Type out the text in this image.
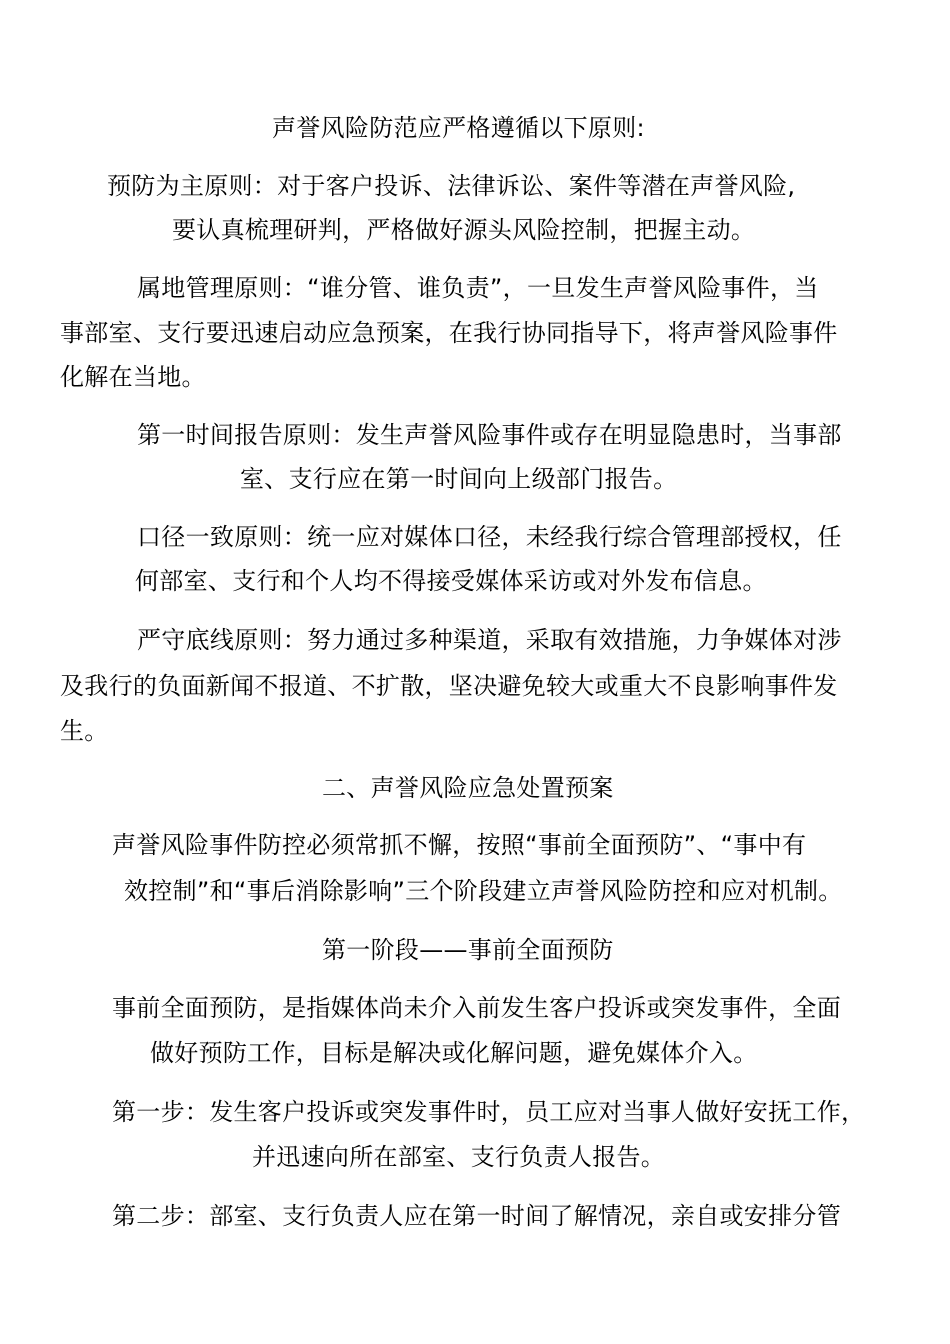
声誉风险防范应严格遵循以下原则:
预防为主原则：对于客户投诉、法律诉讼、案件等潜在声誉风险,
要认真梳理研判，严格做好源头风险控制，把握主动。
属地管理原则：“谁分管、谁负责”，一旦发生声誉风险事件，当
事部室、支行要迅速启动应急预案，在我行协同指导下，将声誉风险事件
化解在当地。
第一时间报告原则：发生声誉风险事件或存在明显隐患时，当事部
室、支行应在第一时间向上级部门报告。
口径一致原则：统一应对媒体口径，未经我行综合管理部授权，任
何部室、支行和个人均不得接受媒体采访或对外发布信息。
严守底线原则：努力通过多种渠道，采取有效措施，力争媒体对涉
及我行的负面新闻不报道、不扩散，坚决避免较大或重大不良影响事件发
生。
二、声誉风险应急处置预案
声誉风险事件防控必须常抓不懈，按照“事前全面预防”、“事中有
效控制”和“事后消除影响”三个阶段建立声誉风险防控和应对机制。
第一阶段——事前全面预防
事前全面预防，是指媒体尚未介入前发生客户投诉或突发事件，全面
做好预防工作，目标是解决或化解问题，避免媒体介入。
第一步：发生客户投诉或突发事件时，员工应对当事人做好安抚工作，
并迅速向所在部室、支行负责人报告。
第二步：部室、支行负责人应在第一时间了解情况，亲自或安排分管
